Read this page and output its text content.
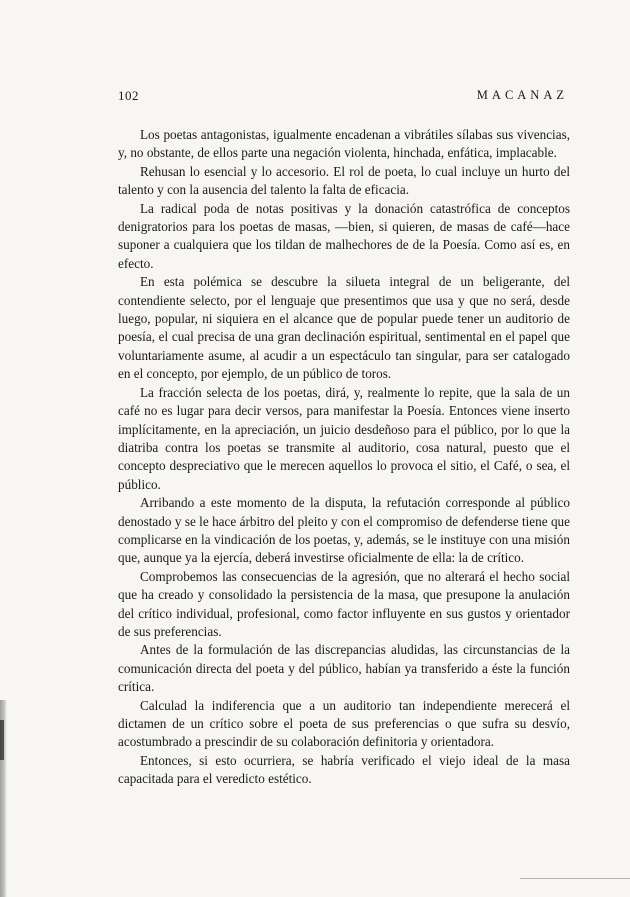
102	MACANAZ

Los poetas antagonistas, igualmente encadenan a vibrátiles sílabas sus vivencias, y, no obstante, de ellos parte una negación violenta, hinchada, enfática, implacable.

Rehusan lo esencial y lo accesorio. El rol de poeta, lo cual incluye un hurto del talento y con la ausencia del talento la falta de eficacia.

La radical poda de notas positivas y la donación catastrófica de conceptos denigratorios para los poetas de masas, —bien, si quieren, de masas de café—hace suponer a cualquiera que los tildan de malhechores de de la Poesía. Como así es, en efecto.

En esta polémica se descubre la silueta integral de un beligerante, del contendiente selecto, por el lenguaje que presentimos que usa y que no será, desde luego, popular, ni siquiera en el alcance que de popular puede tener un auditorio de poesía, el cual precisa de una gran declinación espiritual, sentimental en el papel que voluntariamente asume, al acudir a un espectáculo tan singular, para ser catalogado en el concepto, por ejemplo, de un público de toros.

La fracción selecta de los poetas, dirá, y, realmente lo repite, que la sala de un café no es lugar para decir versos, para manifestar la Poesía. Entonces viene inserto implícitamente, en la apreciación, un juicio desdeñoso para el público, por lo que la diatriba contra los poetas se transmite al auditorio, cosa natural, puesto que el concepto despreciativo que le merecen aquellos lo provoca el sitio, el Café, o sea, el público.

Arribando a este momento de la disputa, la refutación corresponde al público denostado y se le hace árbitro del pleito y con el compromiso de defenderse tiene que complicarse en la vindicación de los poetas, y, además, se le instituye con una misión que, aunque ya la ejercía, deberá investirse oficialmente de ella: la de crítico.

Comprobemos las consecuencias de la agresión, que no alterará el hecho social que ha creado y consolidado la persistencia de la masa, que presupone la anulación del crítico individual, profesional, como factor influyente en sus gustos y orientador de sus preferencias.

Antes de la formulación de las discrepancias aludidas, las circunstancias de la comunicación directa del poeta y del público, habían ya transferido a éste la función crítica.

Calculad la indiferencia que a un auditorio tan independiente merecerá el dictamen de un crítico sobre el poeta de sus preferencias o que sufra su desvío, acostumbrado a prescindir de su colaboración definitoria y orientadora.

Entonces, si esto ocurriera, se habría verificado el viejo ideal de la masa capacitada para el veredicto estético.
